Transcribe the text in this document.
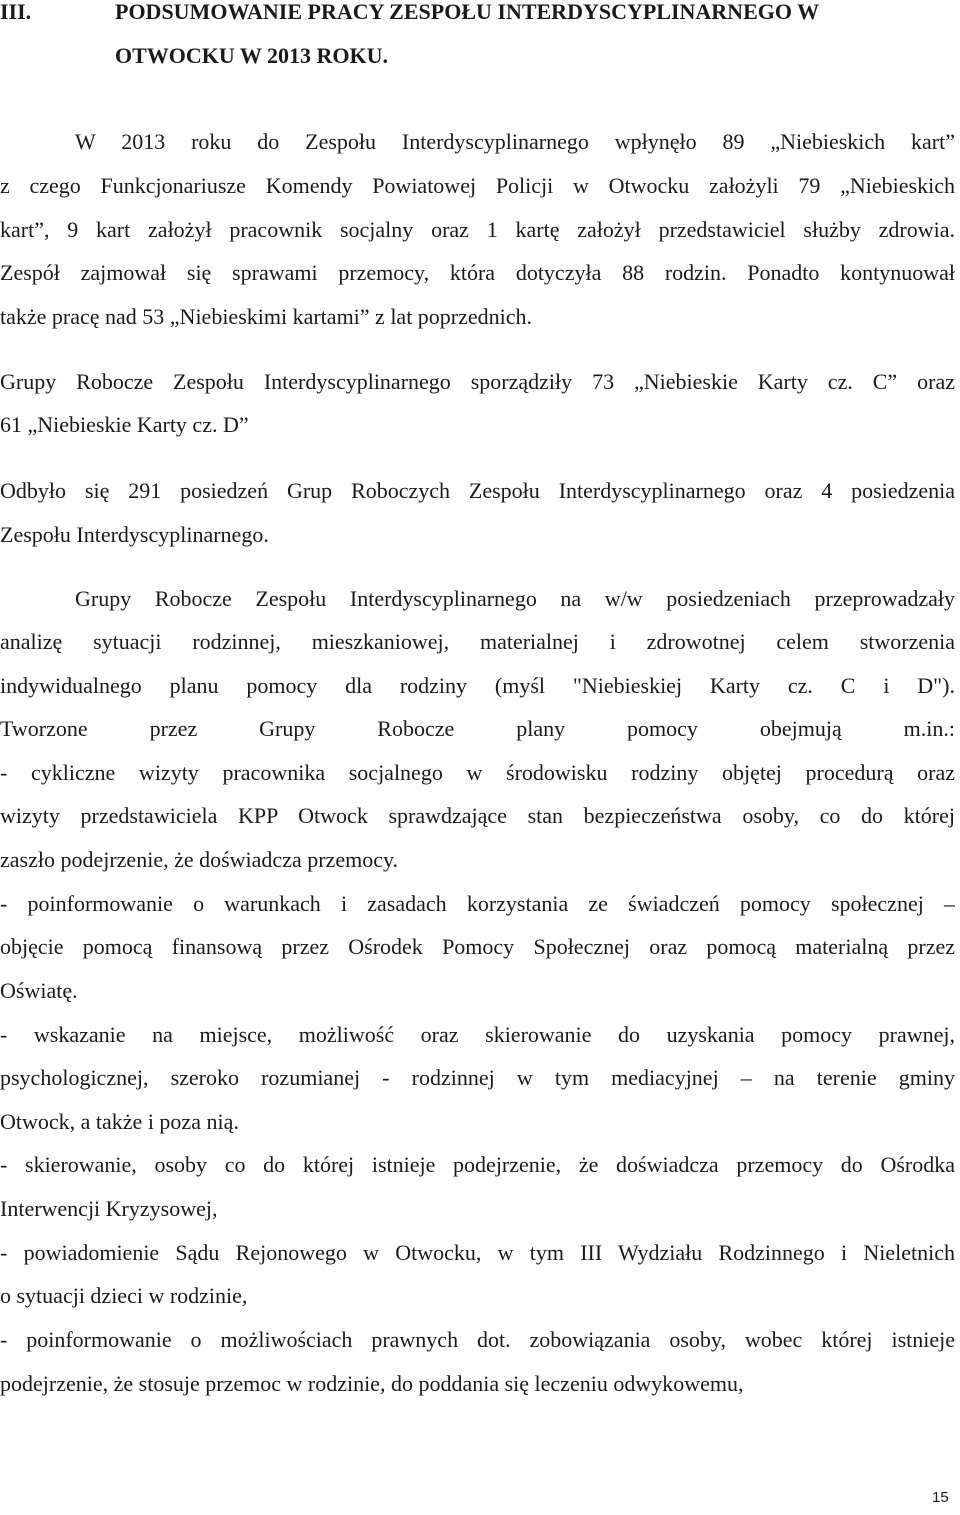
III.	PODSUMOWANIE PRACY ZESPOŁU INTERDYSCYPLINARNEGO W
OTWOCKU W 2013 ROKU.
W 2013 roku do Zespołu Interdyscyplinarnego wpłynęło 89 „Niebieskich kart”
z czego Funkcjonariusze Komendy Powiatowej Policji w Otwocku założyli 79 „Niebieskich
kart”, 9 kart założył pracownik socjalny oraz 1 kartę założył przedstawiciel służby zdrowia.
Zespół zajmował się sprawami przemocy, która dotyczyła 88 rodzin. Ponadto kontynuował
także pracę nad 53 „Niebieskimi kartami” z lat poprzednich.
Grupy Robocze Zespołu Interdyscyplinarnego sporządziły 73 „Niebieskie Karty cz. C” oraz
61 „Niebieskie Karty cz. D”
Odbyło się 291 posiedzeń Grup Roboczych Zespołu Interdyscyplinarnego oraz 4 posiedzenia
Zespołu Interdyscyplinarnego.
Grupy Robocze Zespołu Interdyscyplinarnego na w/w posiedzeniach przeprowadzały
analizę sytuacji rodzinnej, mieszkaniowej, materialnej i zdrowotnej celem stworzenia
indywidualnego planu pomocy dla rodziny (myśl "Niebieskiej Karty cz. C i D").
Tworzone przez Grupy Robocze plany pomocy obejmują m.in.:
- cykliczne wizyty pracownika socjalnego w środowisku rodziny objętej procedurą oraz
wizyty przedstawiciela KPP Otwock sprawdzające stan bezpieczeństwa osoby, co do której
zaszło podejrzenie, że doświadcza przemocy.
- poinformowanie o warunkach i zasadach korzystania ze świadczeń pomocy społecznej –
objęcie pomocą finansową przez Ośrodek Pomocy Społecznej oraz pomocą materialną przez
Oświatę.
- wskazanie na miejsce, możliwość oraz skierowanie do uzyskania pomocy prawnej,
psychologicznej, szeroko rozumianej - rodzinnej w tym mediacyjnej – na terenie gminy
Otwock, a także i poza nią.
- skierowanie, osoby co do której istnieje podejrzenie, że doświadcza przemocy do Ośrodka
Interwencji Kryzysowej,
- powiadomienie Sądu Rejonowego w Otwocku, w tym III Wydziału Rodzinnego i Nieletnich
o sytuacji dzieci w rodzinie,
- poinformowanie o możliwościach prawnych dot. zobowiązania osoby, wobec której istnieje
podejrzenie, że stosuje przemoc w rodzinie, do poddania się leczeniu odwykowemu,
15
